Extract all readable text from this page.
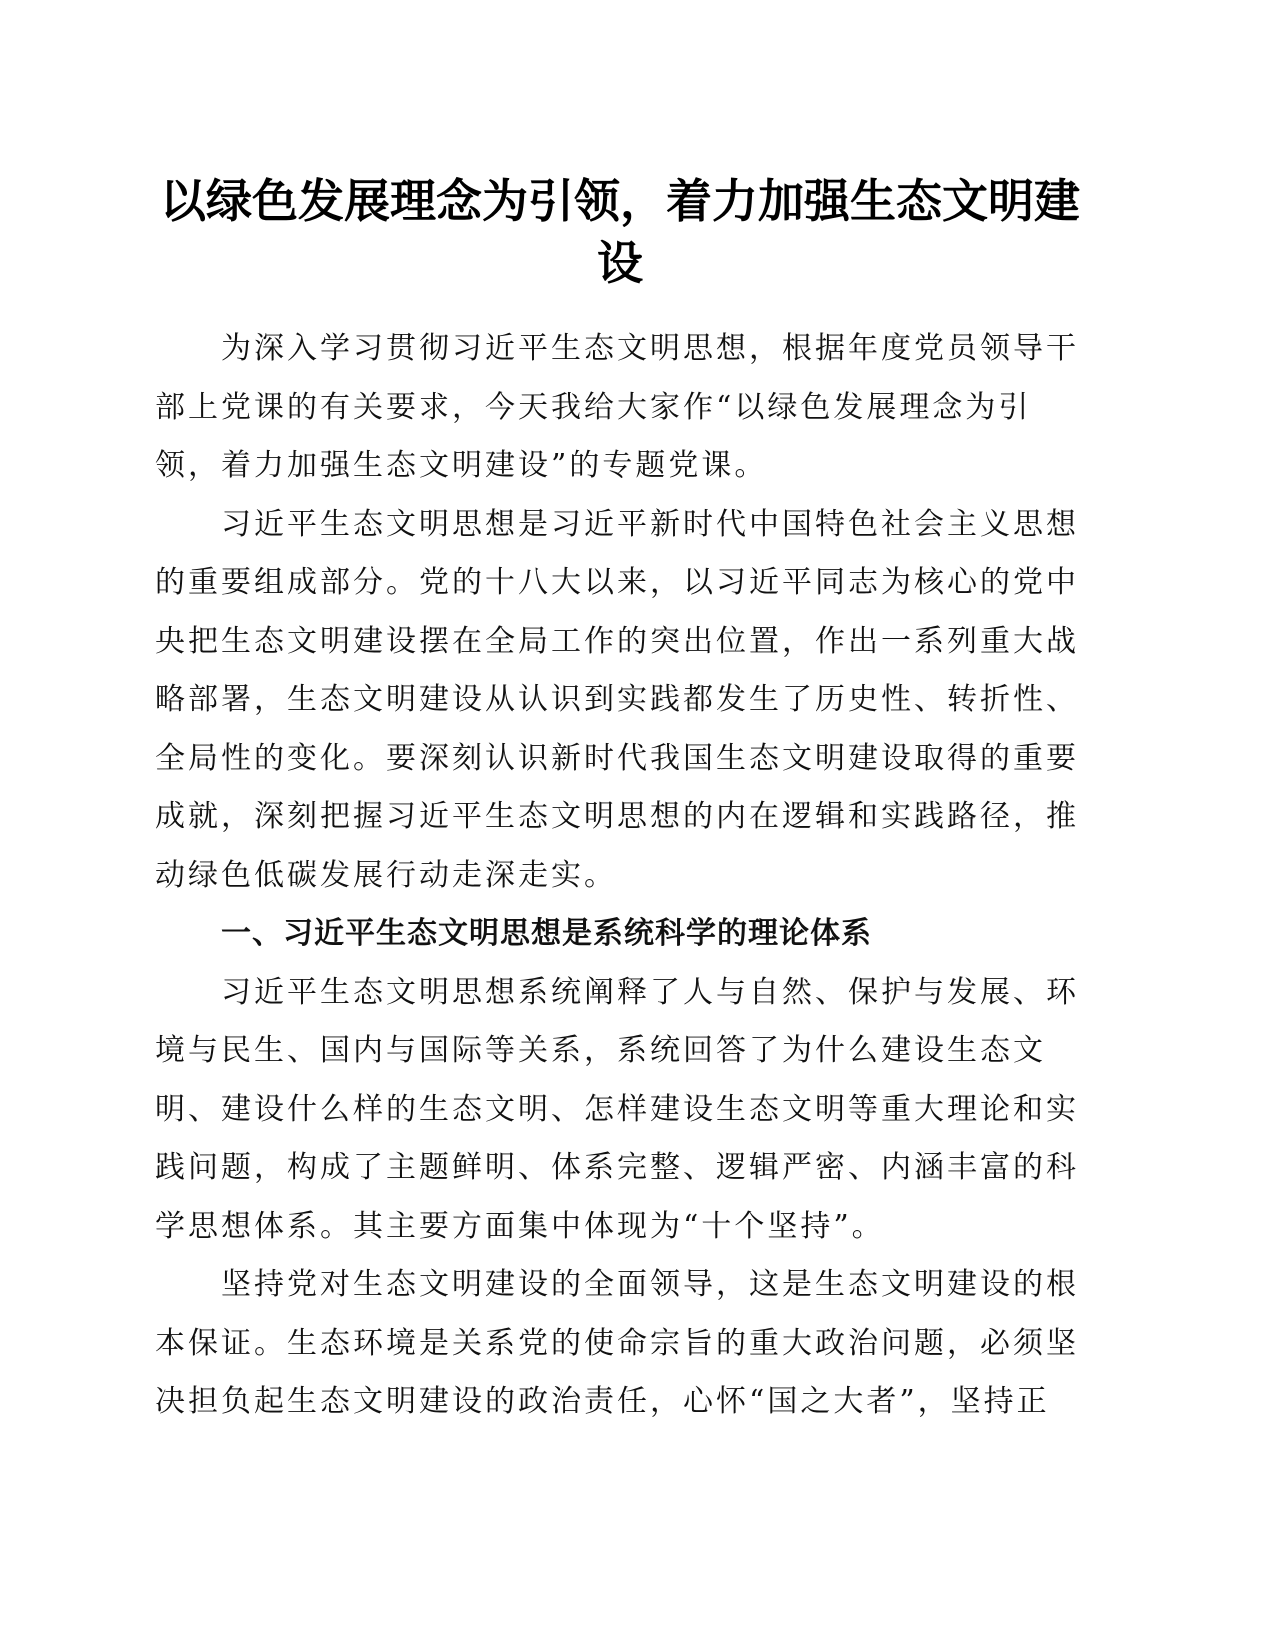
以绿色发展理念为引领，着力加强生态文明建
设

为深入学习贯彻习近平生态文明思想，根据年度党员领导干
部上党课的有关要求，今天我给大家作“以绿色发展理念为引
领，着力加强生态文明建设”的专题党课。

习近平生态文明思想是习近平新时代中国特色社会主义思想
的重要组成部分。党的十八大以来，以习近平同志为核心的党中
央把生态文明建设摆在全局工作的突出位置，作出一系列重大战
略部署，生态文明建设从认识到实践都发生了历史性、转折性、
全局性的变化。要深刻认识新时代我国生态文明建设取得的重要
成就，深刻把握习近平生态文明思想的内在逻辑和实践路径，推
动绿色低碳发展行动走深走实。

一、习近平生态文明思想是系统科学的理论体系

习近平生态文明思想系统阐释了人与自然、保护与发展、环
境与民生、国内与国际等关系，系统回答了为什么建设生态文
明、建设什么样的生态文明、怎样建设生态文明等重大理论和实
践问题，构成了主题鲜明、体系完整、逻辑严密、内涵丰富的科
学思想体系。其主要方面集中体现为“十个坚持”。

坚持党对生态文明建设的全面领导，这是生态文明建设的根
本保证。生态环境是关系党的使命宗旨的重大政治问题，必须坚
决担负起生态文明建设的政治责任，心怀“国之大者”，坚持正
